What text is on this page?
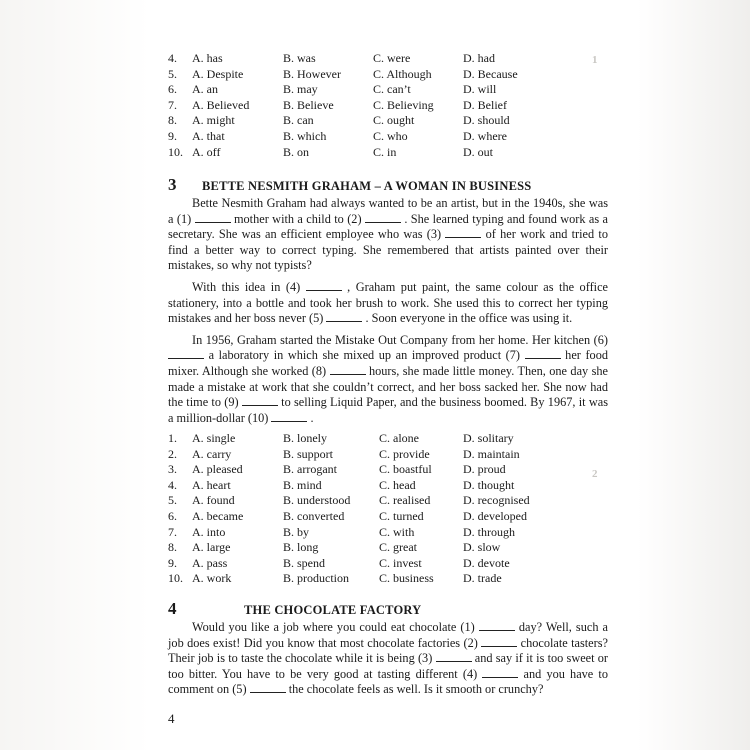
1
2
4. A. has	B. was	C. were	D. had
5. A. Despite	B. However	C. Although	D. Because
6. A. an	B. may	C. can’t	D. will
7. A. Believed	B. Believe	C. Believing D. Belief
8. A. might	B. can	C. ought	D. should
9. A. that	B. which	C. who	D. where
10. A. off	B. on	C. in	D. out
3 BETTE NESMITH GRAHAM – A WOMAN IN BUSINESS

Bette Nesmith Graham had always wanted to be an artist, but in the 1940s, she was a (1)	mother with a child to (2)	. She learned typing and found work as a secretary. She was an efficient employee who was (3)	of her work and tried to find a better way to correct typing. She remembered that artists painted over their mistakes, so why not typists?

With this idea in (4)	, Graham put paint, the same colour as the office stationery, into a bottle and took her brush to work. She used this to correct her typing mistakes and her boss never (5)	. Soon everyone in the office was using it.

In 1956, Graham started the Mistake Out Company from her home. Her kitchen (6)  a laboratory in which she mixed up an improved product (7)	her food mixer. Although she worked (8)	hours, she made little money. Then, one day she made a mistake at work that she couldn’t correct, and her boss sacked her. She now had the time to (9)	to selling Liquid Paper, and the business boomed. By 1967, it was a million-dollar (10)	.

1. A. single	B. lonely	C. alone	D. solitary
2. A. carry	B. support	C. provide	D. maintain
3. A. pleased	B. arrogant	C. boastful	D. proud
4. A. heart	B. mind	C. head	D. thought
5. A. found	B. understood C. realised	D. recognised
6. A. became	B. converted	C. turned	D. developed
7. A. into	B. by	C. with	D. through
8. A. large	B. long	C. great	D. slow
9. A. pass	B. spend	C. invest	D. devote
10. A. work	B. production	C. business D. trade
4	THE CHOCOLATE FACTORY

Would you like a job where you could eat chocolate (1)	day? Well, such a job does exist! Did you know that most chocolate factories (2)	chocolate tasters? Their job is to taste the chocolate while it is being (3)	and say if it is too sweet or too bitter. You have to be very good at tasting different (4)	and you have to comment on (5)	the chocolate feels as well. Is it smooth or crunchy?

4
